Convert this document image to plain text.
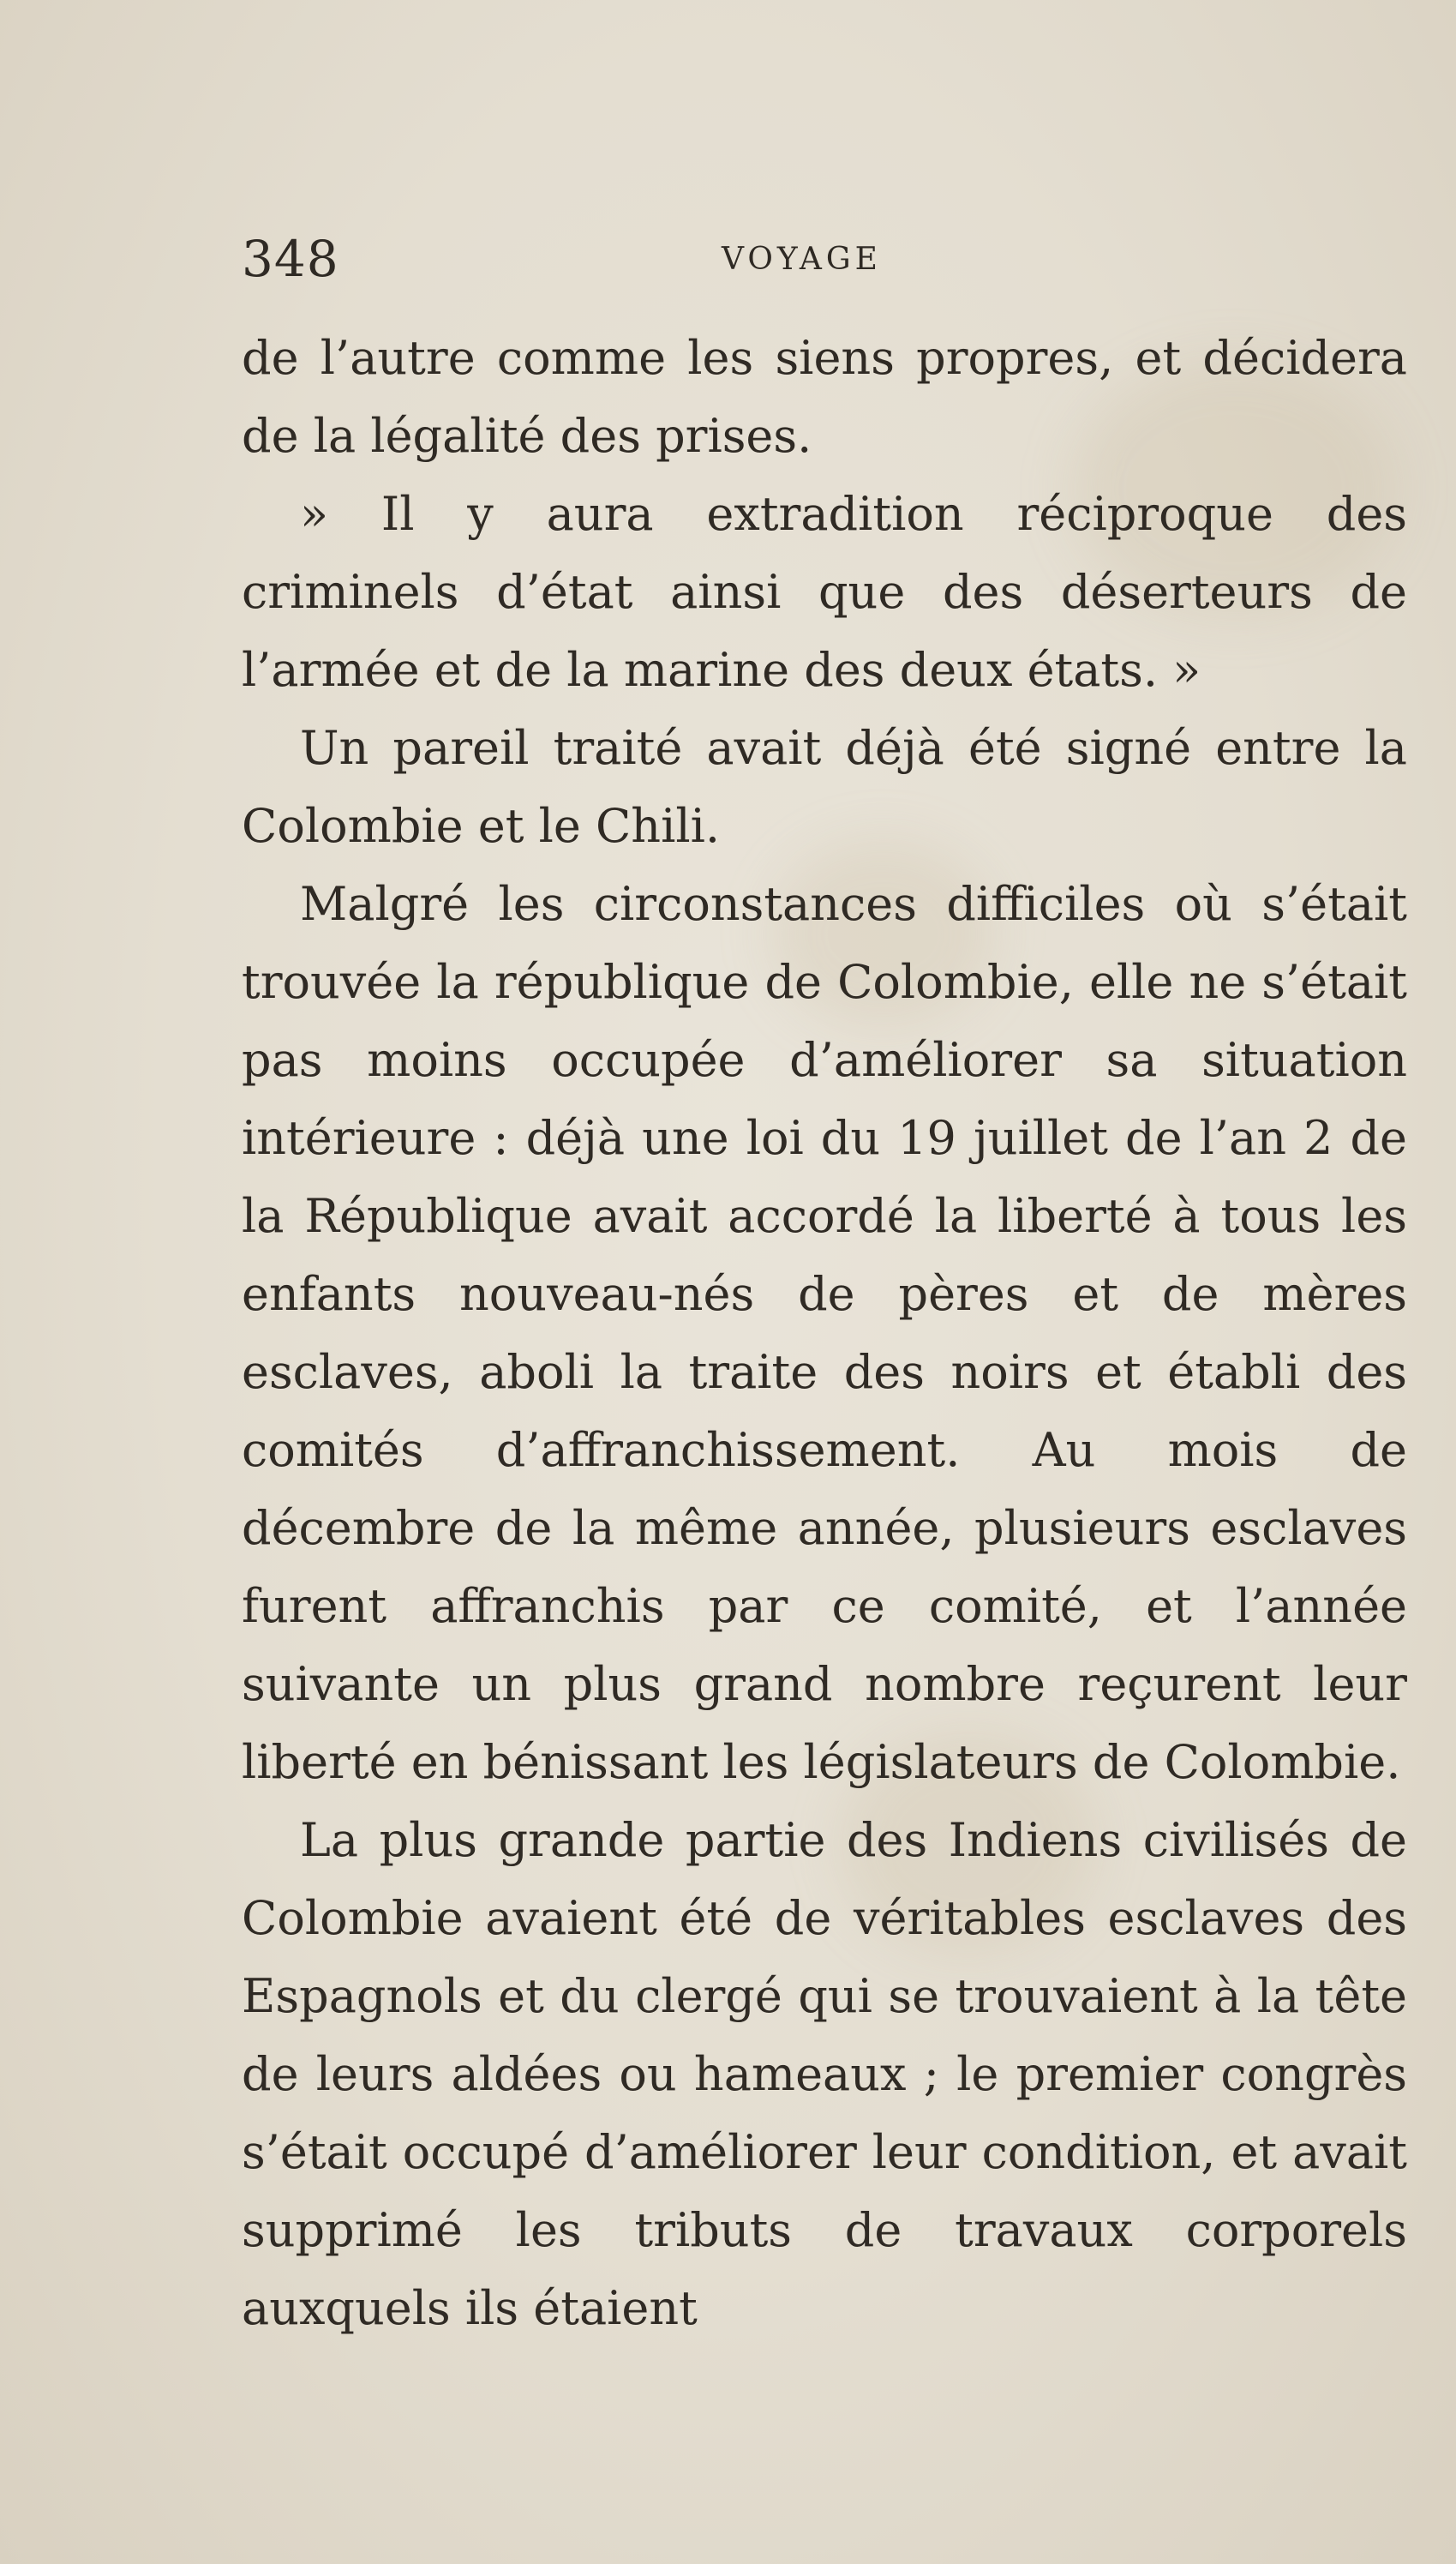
348	VOYAGE

de l’autre comme les siens propres, et décidera de la légalité des prises.

» Il y aura extradition réciproque des criminels d’état ainsi que des déserteurs de l’armée et de la marine des deux états. »

Un pareil traité avait déjà été signé entre la Colombie et le Chili.

Malgré les circonstances difficiles où s’était trouvée la république de Colombie, elle ne s’était pas moins occupée d’améliorer sa situation intérieure : déjà une loi du 19 juillet de l’an 2 de la République avait accordé la liberté à tous les enfants nouveau-nés de pères et de mères esclaves, aboli la traite des noirs et établi des comités d’affranchissement. Au mois de décembre de la même année, plusieurs esclaves furent affranchis par ce comité, et l’année suivante un plus grand nombre reçurent leur liberté en bénissant les législateurs de Colombie.

La plus grande partie des Indiens civilisés de Colombie avaient été de véritables esclaves des Espagnols et du clergé qui se trouvaient à la tête de leurs aldées ou hameaux ; le premier congrès s’était occupé d’améliorer leur condition, et avait supprimé les tributs de travaux corporels auxquels ils étaient
